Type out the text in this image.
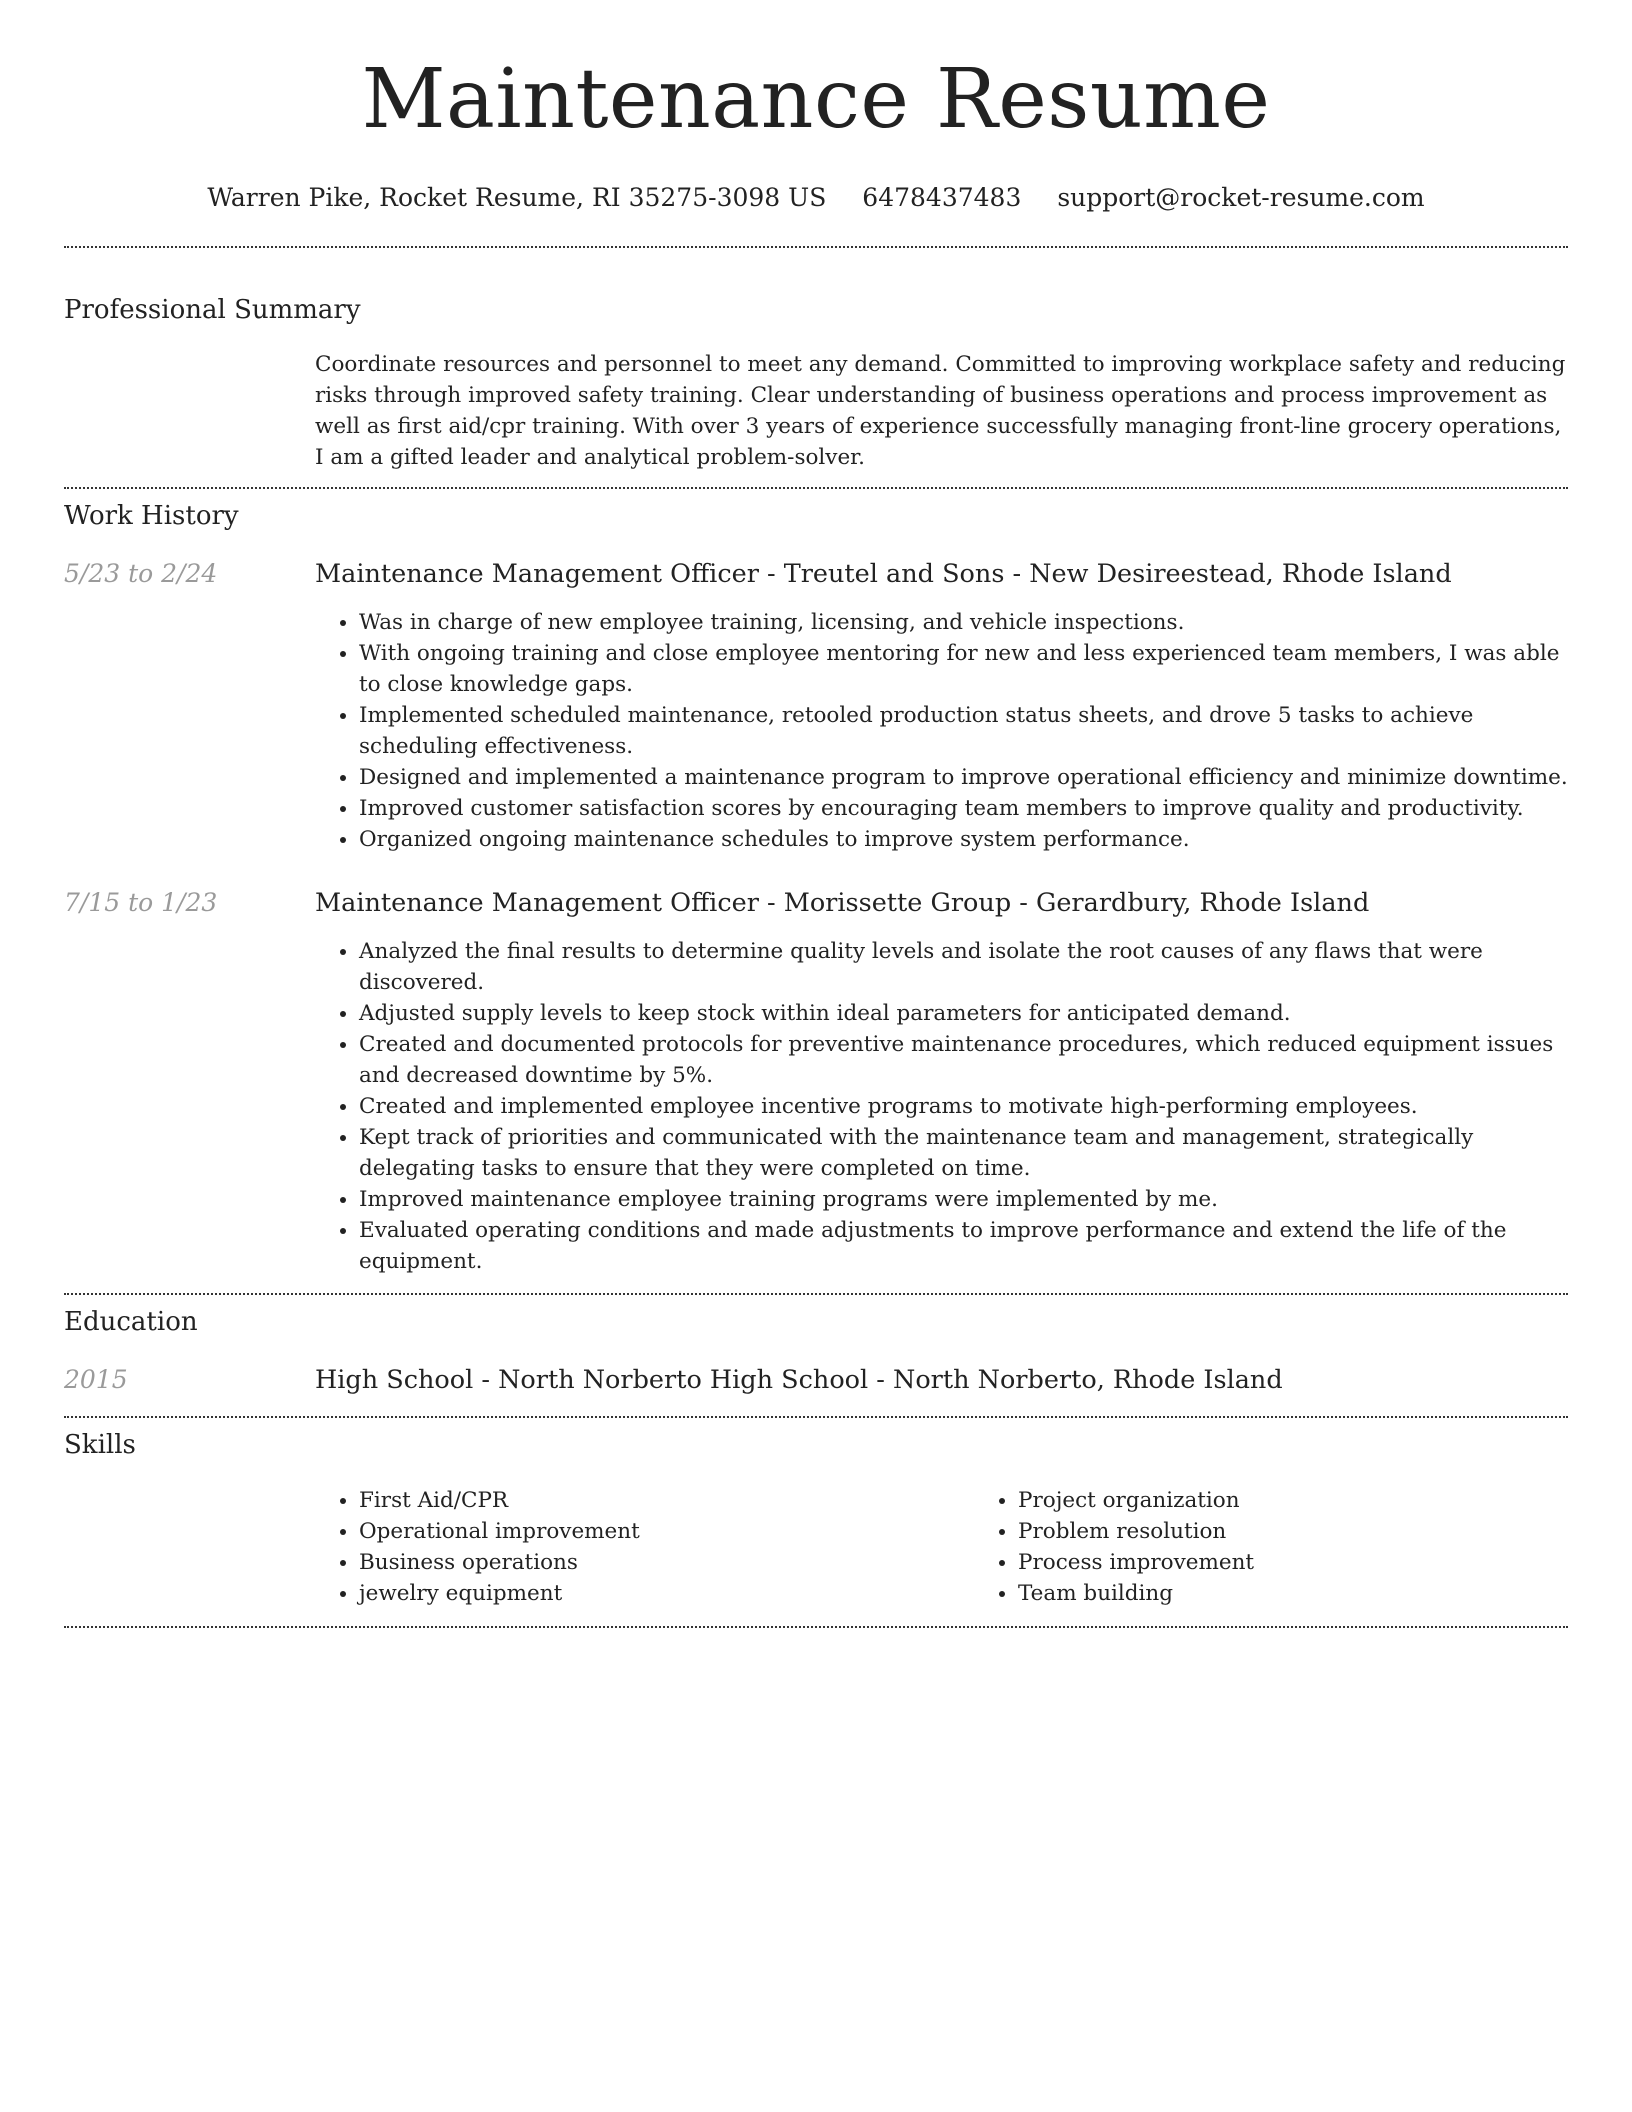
Maintenance Resume
Warren Pike, Rocket Resume, RI 35275-3098 US 6478437483 support@rocket-resume.com
Professional Summary

Coordinate resources and personnel to meet any demand. Committed to improving workplace safety and reducing risks through improved safety training. Clear understanding of business operations and process improvement as well as first aid/cpr training. With over 3 years of experience successfully managing front-line grocery operations, I am a gifted leader and analytical problem-solver.

Work History
5/23 to 2/24	Maintenance Management Officer - Treutel and Sons - New Desireestead, Rhode Island
• Was in charge of new employee training, licensing, and vehicle inspections.
• With ongoing training and close employee mentoring for new and less experienced team members, I was able to close knowledge gaps.
• Implemented scheduled maintenance, retooled production status sheets, and drove 5 tasks to achieve scheduling effectiveness.
• Designed and implemented a maintenance program to improve operational efficiency and minimize downtime.
• Improved customer satisfaction scores by encouraging team members to improve quality and productivity.
• Organized ongoing maintenance schedules to improve system performance.
7/15 to 1/23	Maintenance Management Officer - Morissette Group - Gerardbury, Rhode Island
• Analyzed the final results to determine quality levels and isolate the root causes of any flaws that were discovered.
• Adjusted supply levels to keep stock within ideal parameters for anticipated demand.
• Created and documented protocols for preventive maintenance procedures, which reduced equipment issues and decreased downtime by 5%.
• Created and implemented employee incentive programs to motivate high-performing employees.
• Kept track of priorities and communicated with the maintenance team and management, strategically delegating tasks to ensure that they were completed on time.
• Improved maintenance employee training programs were implemented by me.
• Evaluated operating conditions and made adjustments to improve performance and extend the life of the equipment.
Education
2015	High School - North Norberto High School - North Norberto, Rhode Island
Skills
• First Aid/CPR
• Operational improvement
• Business operations
• jewelry equipment
• Project organization
• Problem resolution
• Process improvement
• Team building
